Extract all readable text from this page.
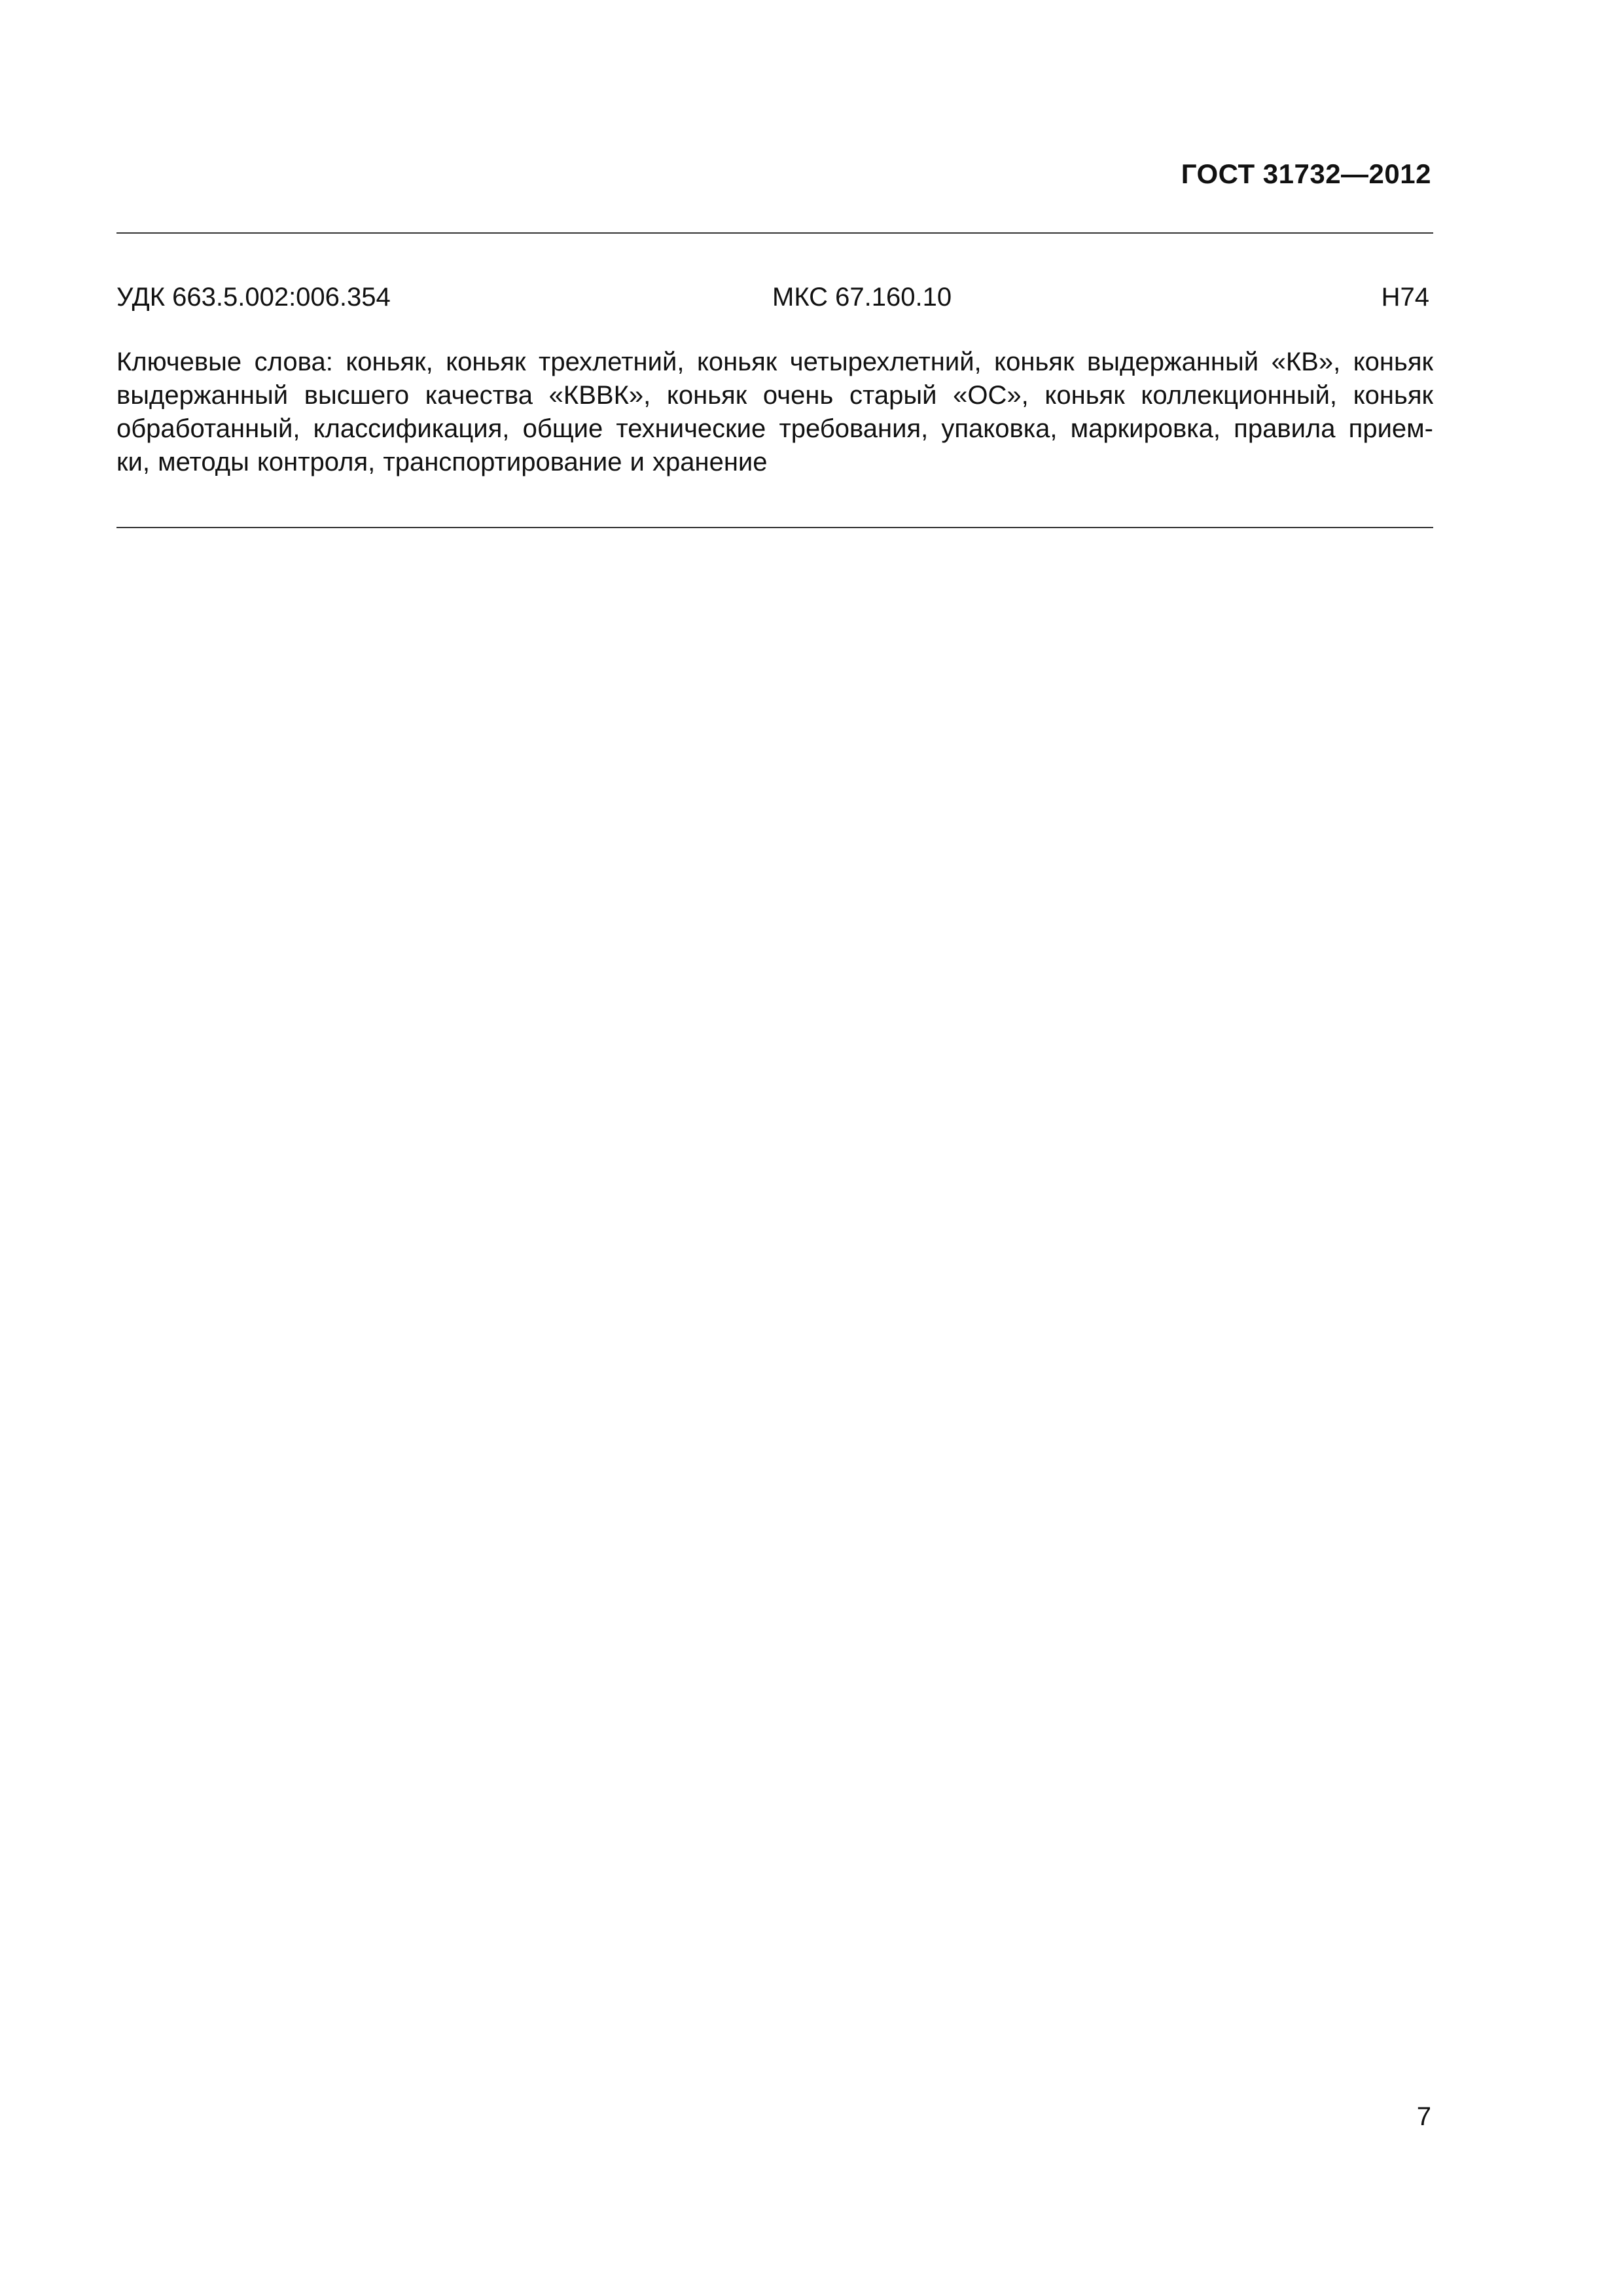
ГОСТ 31732—2012
УДК 663.5.002:006.354	МКС 67.160.10	Н74
Ключевые слова: коньяк, коньяк трехлетний, коньяк четырехлетний, коньяк выдержанный «КВ», коньяк
выдержанный высшего качества «КВВК», коньяк очень старый «ОС», коньяк коллекционный, коньяк
обработанный, классификация, общие технические требования, упаковка, маркировка, правила прием-
ки, методы контроля, транспортирование и хранение
7
